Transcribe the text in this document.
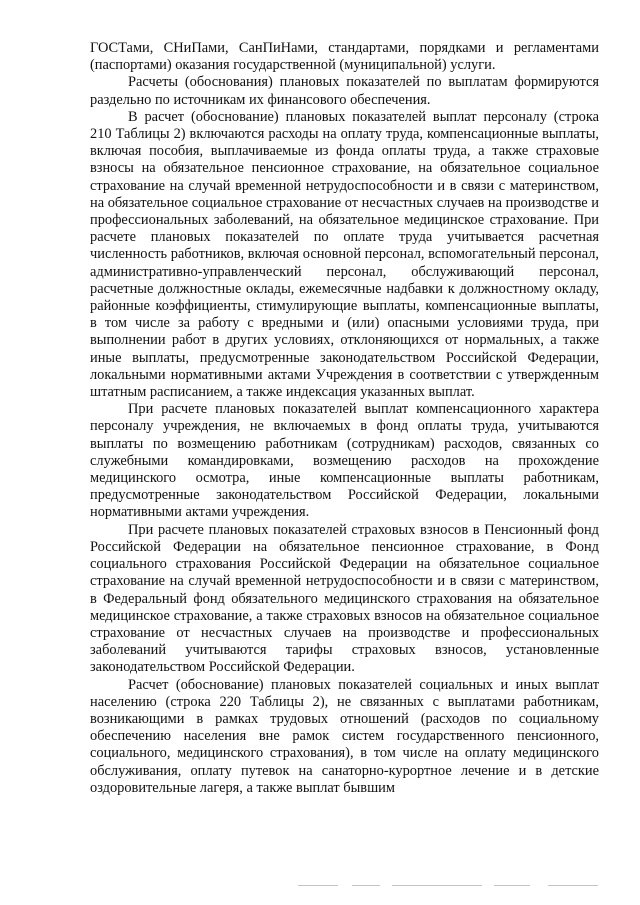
ГОСТами, СНиПами, СанПиНами, стандартами, порядками и регламентами (паспортами) оказания государственной (муниципальной) услуги.

Расчеты (обоснования) плановых показателей по выплатам формируются раздельно по источникам их финансового обеспечения.

В расчет (обоснование) плановых показателей выплат персоналу (строка 210 Таблицы 2) включаются расходы на оплату труда, компенсационные выплаты, включая пособия, выплачиваемые из фонда оплаты труда, а также страховые взносы на обязательное пенсионное страхование, на обязательное социальное страхование на случай временной нетрудоспособности и в связи с материнством, на обязательное социальное страхование от несчастных случаев на производстве и профессиональных заболеваний, на обязательное медицинское страхование. При расчете плановых показателей по оплате труда учитывается расчетная численность работников, включая основной персонал, вспомогательный персонал, административно-управленческий персонал, обслуживающий персонал, расчетные должностные оклады, ежемесячные надбавки к должностному окладу, районные коэффициенты, стимулирующие выплаты, компенсационные выплаты, в том числе за работу с вредными и (или) опасными условиями труда, при выполнении работ в других условиях, отклоняющихся от нормальных, а также иные выплаты, предусмотренные законодательством Российской Федерации, локальными нормативными актами Учреждения в соответствии с утвержденным штатным расписанием, а также индексация указанных выплат.

При расчете плановых показателей выплат компенсационного характера персоналу учреждения, не включаемых в фонд оплаты труда, учитываются выплаты по возмещению работникам (сотрудникам) расходов, связанных со служебными командировками, возмещению расходов на прохождение медицинского осмотра, иные компенсационные выплаты работникам, предусмотренные законодательством Российской Федерации, локальными нормативными актами учреждения.

При расчете плановых показателей страховых взносов в Пенсионный фонд Российской Федерации на обязательное пенсионное страхование, в Фонд социального страхования Российской Федерации на обязательное социальное страхование на случай временной нетрудоспособности и в связи с материнством, в Федеральный фонд обязательного медицинского страхования на обязательное медицинское страхование, а также страховых взносов на обязательное социальное страхование от несчастных случаев на производстве и профессиональных заболеваний учитываются тарифы страховых взносов, установленные законодательством Российской Федерации.

Расчет (обоснование) плановых показателей социальных и иных выплат населению (строка 220 Таблицы 2), не связанных с выплатами работникам, возникающими в рамках трудовых отношений (расходов по социальному обеспечению населения вне рамок систем государственного пенсионного, социального, медицинского страхования), в том числе на оплату медицинского обслуживания, оплату путевок на санаторно-курортное лечение и в детские оздоровительные лагеря, а также выплат бывшим
